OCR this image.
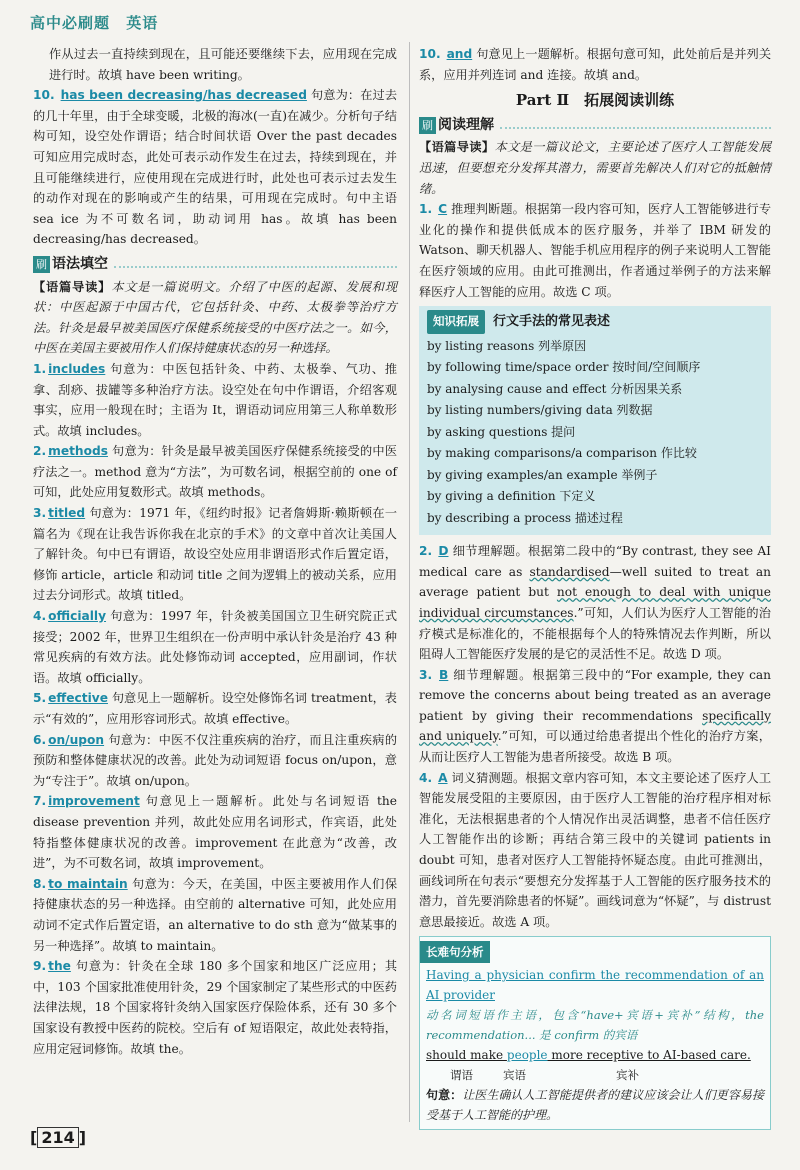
高中必刷题 英语
作从过去一直持续到现在，且可能还要继续下去，应用现在完成进行时。故填 have been writing。
10. has been decreasing/has decreased 句意为：在过去的几十年里，由于全球变暖，北极的海冰(一直)在减少。分析句子结构可知，设空处作谓语；结合时间状语 Over the past decades 可知应用完成时态，此处可表示动作发生在过去，持续到现在，并且可能继续进行，应使用现在完成进行时，此处也可表示过去发生的动作对现在的影响或产生的结果，可用现在完成时。句中主语 sea ice 为不可数名词，助动词用 has。故填 has been decreasing/has decreased。
刷 语法填空
【语篇导读】本文是一篇说明文。介绍了中医的起源、发展和现状：中医起源于中国古代，它包括针灸、中药、太极拳等治疗方法。针灸是最早被美国医疗保健系统接受的中医疗法之一。如今，中医在美国主要被用作人们保持健康状态的另一种选择。
1. includes 句意为：中医包括针灸、中药、太极拳、气功、推拿、刮痧、拔罐等多种治疗方法。设空处在句中作谓语，介绍客观事实，应用一般现在时；主语为 It，谓语动词应用第三人称单数形式。故填 includes。
2. methods 句意为：针灸是最早被美国医疗保健系统接受的中医疗法之一。method 意为“方法”，为可数名词，根据空前的 one of 可知，此处应用复数形式。故填 methods。
3. titled 句意为：1971 年，《纽约时报》记者詹姆斯·赖斯顿在一篇名为《现在让我告诉你我在北京的手术》的文章中首次让美国人了解针灸。句中已有谓语，故设空处应用非谓语形式作后置定语，修饰 article，article 和动词 title 之间为逻辑上的被动关系，应用过去分词形式。故填 titled。
4. officially 句意为：1997 年，针灸被美国国立卫生研究院正式接受；2002 年，世界卫生组织在一份声明中承认针灸是治疗 43 种常见疾病的有效方法。此处修饰动词 accepted，应用副词，作状语。故填 officially。
5. effective 句意见上一题解析。设空处修饰名词 treatment，表示“有效的”，应用形容词形式。故填 effective。
6. on/upon 句意为：中医不仅注重疾病的治疗，而且注重疾病的预防和整体健康状况的改善。此处为动词短语 focus on/upon，意为“专注于”。故填 on/upon。
7. improvement 句意见上一题解析。此处与名词短语 the disease prevention 并列，故此处应用名词形式，作宾语，此处特指整体健康状况的改善。improvement 在此意为“改善，改进”，为不可数名词，故填 improvement。
8. to maintain 句意为：今天，在美国，中医主要被用作人们保持健康状态的另一种选择。由空前的 alternative 可知，此处应用动词不定式作后置定语，an alternative to do sth 意为“做某事的另一种选择”。故填 to maintain。
9. the 句意为：针灸在全球 180 多个国家和地区广泛应用；其中，103 个国家批准使用针灸，29 个国家制定了某些形式的中医药法律法规，18 个国家将针灸纳入国家医疗保险体系，还有 30 多个国家设有教授中医药的院校。空后有 of 短语限定，故此处表特指，应用定冠词修饰。故填 the。
10. and 句意见上一题解析。根据句意可知，此处前后是并列关系，应用并列连词 and 连接。故填 and。
Part Ⅱ　拓展阅读训练
刷 阅读理解
【语篇导读】本文是一篇议论文，主要论述了医疗人工智能发展迅速，但要想充分发挥其潜力，需要首先解决人们对它的抵触情绪。
1. C 推理判断题。根据第一段内容可知，医疗人工智能够进行专业化的操作和提供低成本的医疗服务，并举了 IBM 研发的 Watson、聊天机器人、智能手机应用程序的例子来说明人工智能在医疗领域的应用。由此可推测出，作者通过举例子的方法来解释医疗人工智能的应用。故选 C 项。
知识拓展	行文手法的常见表述
by listing reasons 列举原因
by following time/space order 按时间/空间顺序
by analysing cause and effect 分析因果关系
by listing numbers/giving data 列数据
by asking questions 提问
by making comparisons/a comparison 作比较
by giving examples/an example 举例子
by giving a definition 下定义
by describing a process 描述过程
2. D 细节理解题。根据第二段中的“By contrast, they see AI medical care as standardised—well suited to treat an average patient but not enough to deal with unique individual circumstances.”可知，人们认为医疗人工智能的治疗模式是标准化的，不能根据每个人的特殊情况去作判断，所以阻碍人工智能医疗发展的是它的灵活性不足。故选 D 项。
3. B 细节理解题。根据第三段中的“For example, they can remove the concerns about being treated as an average patient by giving their recommendations specifically and uniquely.”可知，可以通过给患者提出个性化的治疗方案，从而让医疗人工智能为患者所接受。故选 B 项。
4. A 词义猜测题。根据文章内容可知，本文主要论述了医疗人工智能发展受阻的主要原因，由于医疗人工智能的治疗程序相对标准化，无法根据患者的个人情况作出灵活调整，患者不信任医疗人工智能作出的诊断；再结合第三段中的关键词 patients in doubt 可知，患者对医疗人工智能持怀疑态度。由此可推测出，画线词所在句表示“要想充分发挥基于人工智能的医疗服务技术的潜力，首先要消除患者的怀疑”。画线词意为“怀疑”，与 distrust 意思最接近。故选 A 项。
长难句分析
Having a physician confirm the recommendation of an AI provider
动名词短语作主语，包含“have+宾语+宾补”结构，the recommendation... 是 confirm 的宾语
should make people more receptive to AI-based care.
谓语	宾语	宾补
句意：让医生确认人工智能提供者的建议应该会让人们更容易接受基于人工智能的护理。
[ 214 ]
